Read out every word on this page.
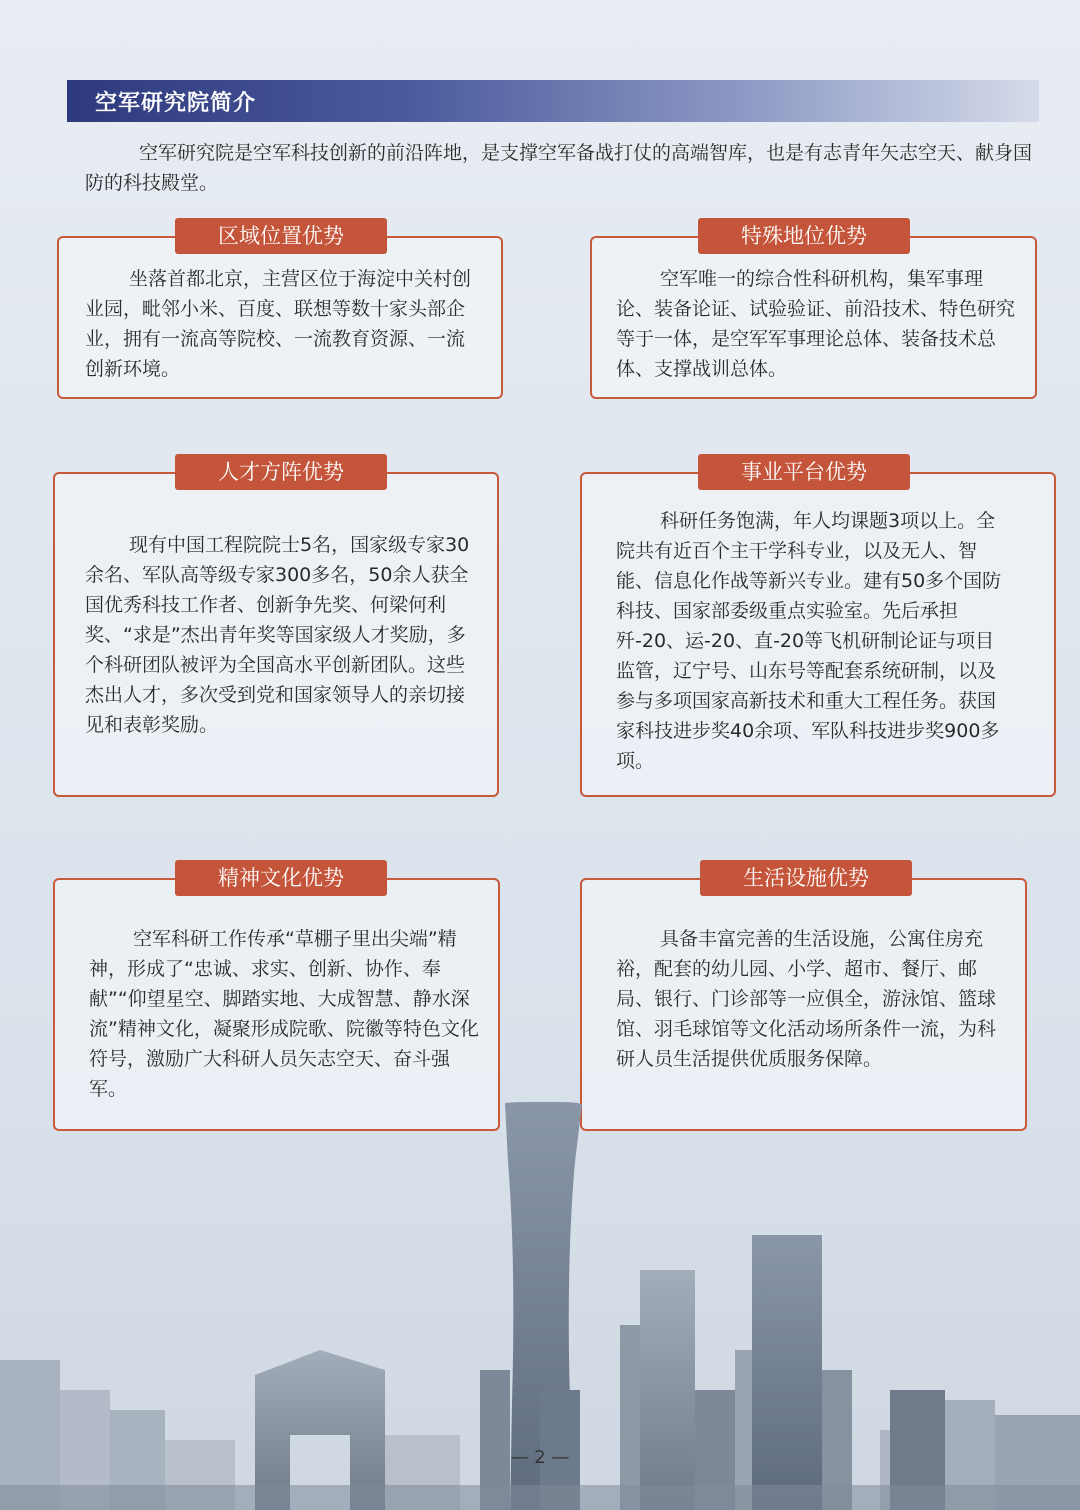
空军研究院简介
空军研究院是空军科技创新的前沿阵地，是支撑空军备战打仗的高端智库，也是有志青年矢志空天、献身国防的科技殿堂。
区域位置优势
坐落首都北京，主营区位于海淀中关村创业园，毗邻小米、百度、联想等数十家头部企业，拥有一流高等院校、一流教育资源、一流创新环境。
特殊地位优势
空军唯一的综合性科研机构，集军事理论、装备论证、试验验证、前沿技术、特色研究等于一体，是空军军事理论总体、装备技术总体、支撑战训总体。
人才方阵优势
现有中国工程院院士5名，国家级专家30余名、军队高等级专家300多名，50余人获全国优秀科技工作者、创新争先奖、何梁何利奖、“求是”杰出青年奖等国家级人才奖励，多个科研团队被评为全国高水平创新团队。这些杰出人才，多次受到党和国家领导人的亲切接见和表彰奖励。
事业平台优势
科研任务饱满，年人均课题3项以上。全院共有近百个主干学科专业，以及无人、智能、信息化作战等新兴专业。建有50多个国防科技、国家部委级重点实验室。先后承担歼-20、运-20、直-20等飞机研制论证与项目监管，辽宁号、山东号等配套系统研制，以及参与多项国家高新技术和重大工程任务。获国家科技进步奖40余项、军队科技进步奖900多项。
精神文化优势
空军科研工作传承“草棚子里出尖端”精神，形成了“忠诚、求实、创新、协作、奉献”“仰望星空、脚踏实地、大成智慧、静水深流”精神文化，凝聚形成院歌、院徽等特色文化符号，激励广大科研人员矢志空天、奋斗强军。
生活设施优势
具备丰富完善的生活设施，公寓住房充裕，配套的幼儿园、小学、超市、餐厅、邮局、银行、门诊部等一应俱全，游泳馆、篮球馆、羽毛球馆等文化活动场所条件一流，为科研人员生活提供优质服务保障。
— 2 —
